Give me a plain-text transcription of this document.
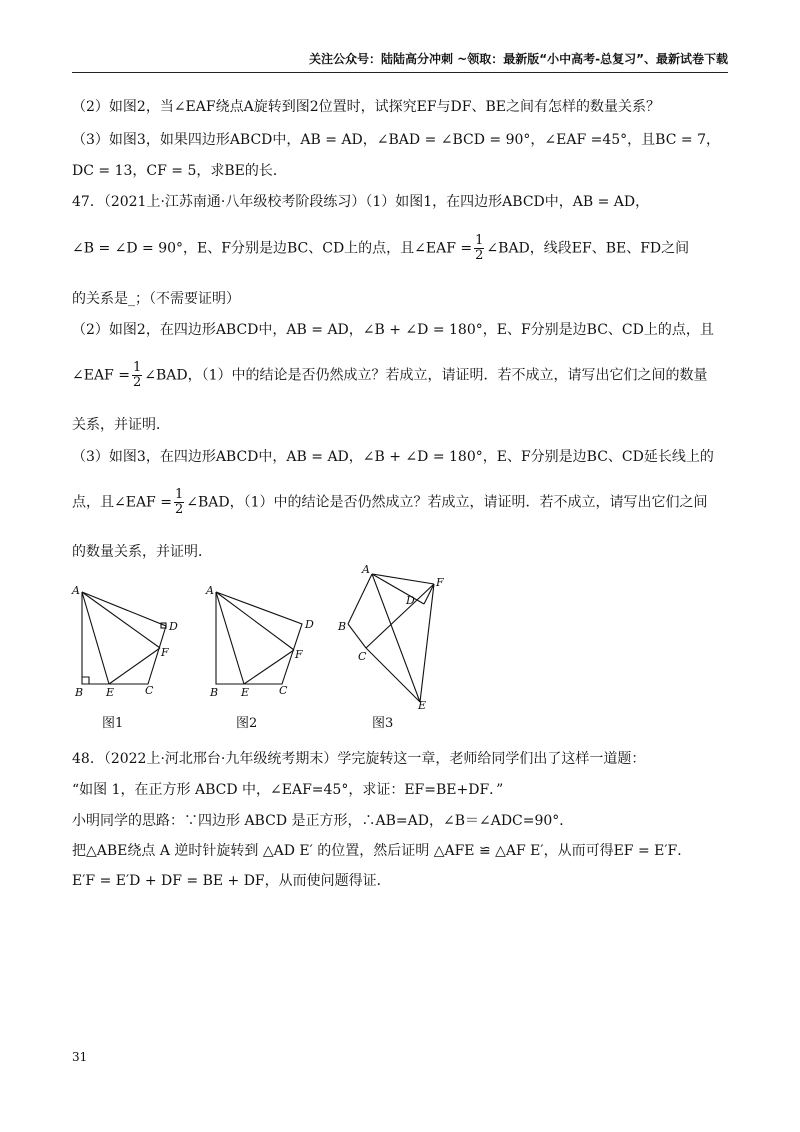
关注公众号：陆陆高分冲刺 ~领取：最新版“小中高考-总复习”、最新试卷下载
（2）如图2，当∠EAF绕点A旋转到图2位置时，试探究EF与DF、BE之间有怎样的数量关系？
（3）如图3，如果四边形ABCD中，AB = AD，∠BAD = ∠BCD = 90°，∠EAF =45°，且BC = 7，
DC = 13，CF = 5，求BE的长．
47．（2021上·江苏南通·八年级校考阶段练习）（1）如图1，在四边形ABCD中，AB = AD，
∠B = ∠D = 90°，E、F分别是边BC、CD上的点，且∠EAF = $\frac{1}{2}$ ∠BAD，线段EF、BE、FD之间
的关系是_；（不需要证明）
（2）如图2，在四边形ABCD中，AB = AD，∠B + ∠D = 180°，E、F分别是边BC、CD上的点，且
∠EAF = $\frac{1}{2}$ ∠BAD，（1）中的结论是否仍然成立？若成立，请证明．若不成立，请写出它们之间的数量
关系，并证明．
（3）如图3，在四边形ABCD中，AB = AD，∠B + ∠D = 180°，E、F分别是边BC、CD延长线上的
点，且∠EAF = $\frac{1}{2}$ ∠BAD，（1）中的结论是否仍然成立？若成立，请证明．若不成立，请写出它们之间
的数量关系，并证明．
A
B E	C
D
F
图1
A
B E	C
D
F
图2
A
F
D
B
C
E
图3
48．（2022上·河北邢台·九年级统考期末）学完旋转这一章，老师给同学们出了这样一道题：
“如图 1，在正方形 ABCD 中，∠EAF=45°，求证：EF=BE+DF．”
小明同学的思路：∵四边形 ABCD 是正方形，∴AB=AD，∠B＝∠ADC=90°．
把△ABE绕点 A 逆时针旋转到 △AD E′ 的位置，然后证明 △AFE ≌ △AF E′，从而可得EF = E′F．
E′F = E′D + DF = BE + DF，从而使问题得证．
31
